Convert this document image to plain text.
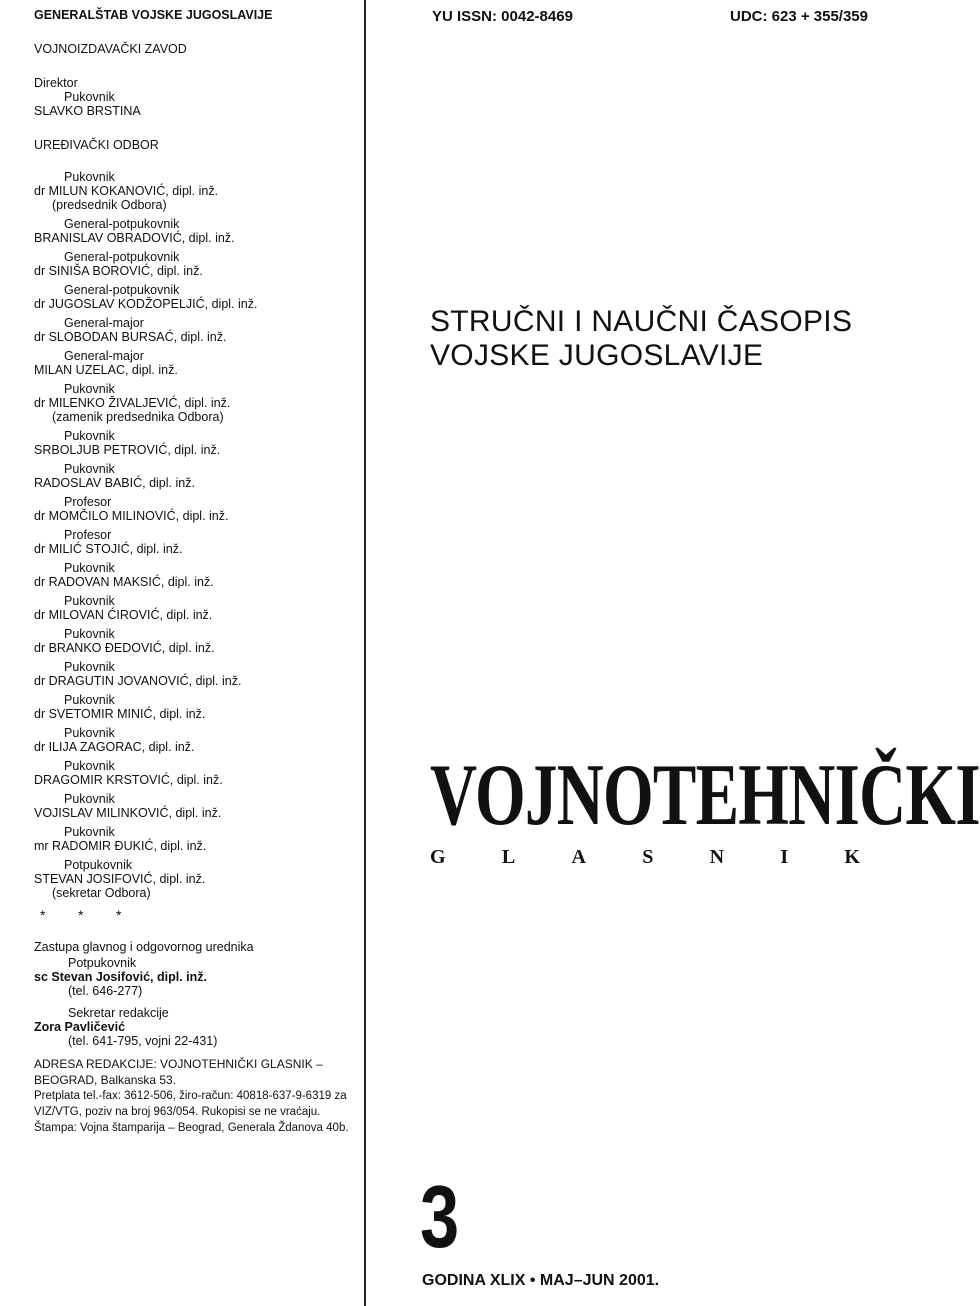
GENERALŠTAB VOJSKE JUGOSLAVIJE
VOJNOIZDAVAČKI ZAVOD
Direktor
Pukovnik
SLAVKO BRSTINA
UREĐIVAČKI ODBOR
Pukovnik
dr MILUN KOKANOVIĆ, dipl. inž.
(predsednik Odbora)
General-potpukovnik
BRANISLAV OBRADOVIĆ, dipl. inž.
General-potpukovnik
dr SINIŠA BOROVIĆ, dipl. inž.
General-potpukovnik
dr JUGOSLAV KODŽOPELJIĆ, dipl. inž.
General-major
dr SLOBODAN BURSAĆ, dipl. inž.
General-major
MILAN UZELAC, dipl. inž.
Pukovnik
dr MILENKO ŽIVALJEVIĆ, dipl. inž.
(zamenik predsednika Odbora)
Pukovnik
SRBOLJUB PETROVIĆ, dipl. inž.
Pukovnik
RADOSLAV BABIĆ, dipl. inž.
Profesor
dr MOMČILO MILINOVIĆ, dipl. inž.
Profesor
dr MILIĆ STOJIĆ, dipl. inž.
Pukovnik
dr RADOVAN MAKSIĆ, dipl. inž.
Pukovnik
dr MILOVAN ĆIROVIĆ, dipl. inž.
Pukovnik
dr BRANKO ĐEDOVIĆ, dipl. inž.
Pukovnik
dr DRAGUTIN JOVANOVIĆ, dipl. inž.
Pukovnik
dr SVETOMIR MINIĆ, dipl. inž.
Pukovnik
dr ILIJA ZAGORAC, dipl. inž.
Pukovnik
DRAGOMIR KRSTOVIĆ, dipl. inž.
Pukovnik
VOJISLAV MILINKOVIĆ, dipl. inž.
Pukovnik
mr RADOMIR ĐUKIĆ, dipl. inž.
Potpukovnik
STEVAN JOSIFOVIĆ, dipl. inž.
(sekretar Odbora)
* * *
Zastupa glavnog i odgovornog urednika
Potpukovnik
sc Stevan Josifović, dipl. inž.
(tel. 646-277)
Sekretar redakcije
Zora Pavličević
(tel. 641-795, vojni 22-431)
ADRESA REDAKCIJE: VOJNOTEHNIČKI GLASNIK – BEOGRAD, Balkanska 53.
Pretplata tel.-fax: 3612-506, žiro-račun: 40818-637-9-6319 za VIZ/VTG, poziv na broj 963/054. Rukopisi se ne vraćaju. Štampa: Vojna štamparija – Beograd, Generala Ždanova 40b.
YU ISSN: 0042-8469	UDC: 623 + 355/359
STRUČNI I NAUČNI ČASOPIS
VOJSKE JUGOSLAVIJE
VOJNOTEHNIČKI
G	L	A	S	N	I	K
3
GODINA XLIX • MAJ–JUN 2001.
